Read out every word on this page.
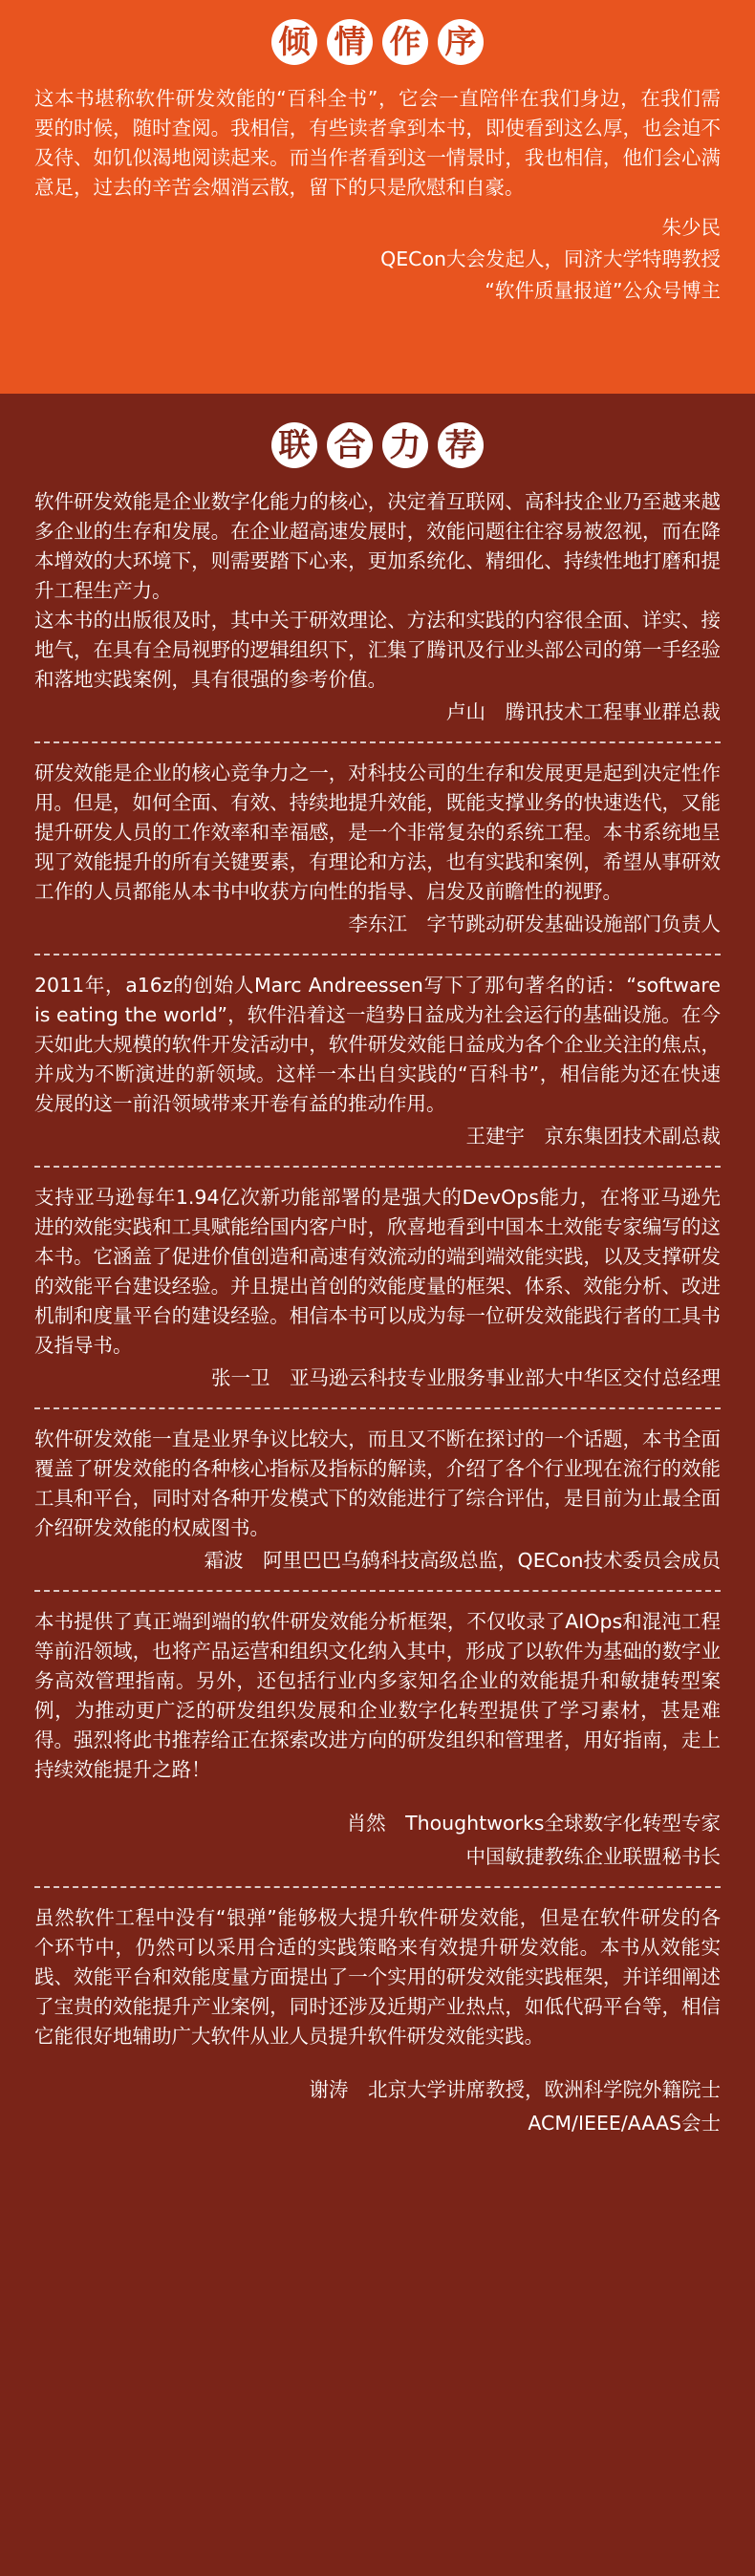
倾 情 作 序

这本书堪称软件研发效能的“百科全书”，它会一直陪伴在我们身边，在我们需要的时候，随时查阅。我相信，有些读者拿到本书，即使看到这么厚，也会迫不及待、如饥似渴地阅读起来。而当作者看到这一情景时，我也相信，他们会心满意足，过去的辛苦会烟消云散，留下的只是欣慰和自豪。

朱少民

QECon大会发起人，同济大学特聘教授

“软件质量报道”公众号博主

联 合 力 荐

软件研发效能是企业数字化能力的核心，决定着互联网、高科技企业乃至越来越多企业的生存和发展。在企业超高速发展时，效能问题往往容易被忽视，而在降本增效的大环境下，则需要踏下心来，更加系统化、精细化、持续性地打磨和提升工程生产力。

这本书的出版很及时，其中关于研效理论、方法和实践的内容很全面、详实、接地气，在具有全局视野的逻辑组织下，汇集了腾讯及行业头部公司的第一手经验和落地实践案例，具有很强的参考价值。

卢山　腾讯技术工程事业群总裁

研发效能是企业的核心竞争力之一，对科技公司的生存和发展更是起到决定性作用。但是，如何全面、有效、持续地提升效能，既能支撑业务的快速迭代，又能提升研发人员的工作效率和幸福感，是一个非常复杂的系统工程。本书系统地呈现了效能提升的所有关键要素，有理论和方法，也有实践和案例，希望从事研效工作的人员都能从本书中收获方向性的指导、启发及前瞻性的视野。

李东江　字节跳动研发基础设施部门负责人

2011年，a16z的创始人Marc Andreessen写下了那句著名的话：“software is eating the world”，软件沿着这一趋势日益成为社会运行的基础设施。在今天如此大规模的软件开发活动中，软件研发效能日益成为各个企业关注的焦点，并成为不断演进的新领域。这样一本出自实践的“百科书”，相信能为还在快速发展的这一前沿领域带来开卷有益的推动作用。

王建宇　京东集团技术副总裁

支持亚马逊每年1.94亿次新功能部署的是强大的DevOps能力，在将亚马逊先进的效能实践和工具赋能给国内客户时，欣喜地看到中国本土效能专家编写的这本书。它涵盖了促进价值创造和高速有效流动的端到端效能实践，以及支撑研发的效能平台建设经验。并且提出首创的效能度量的框架、体系、效能分析、改进机制和度量平台的建设经验。相信本书可以成为每一位研发效能践行者的工具书及指导书。

张一卫　亚马逊云科技专业服务事业部大中华区交付总经理

软件研发效能一直是业界争议比较大，而且又不断在探讨的一个话题，本书全面覆盖了研发效能的各种核心指标及指标的解读，介绍了各个行业现在流行的效能工具和平台，同时对各种开发模式下的效能进行了综合评估，是目前为止最全面介绍研发效能的权威图书。

霜波　阿里巴巴乌鸫科技高级总监，QECon技术委员会成员

本书提供了真正端到端的软件研发效能分析框架，不仅收录了AIOps和混沌工程等前沿领域，也将产品运营和组织文化纳入其中，形成了以软件为基础的数字业务高效管理指南。另外，还包括行业内多家知名企业的效能提升和敏捷转型案例，为推动更广泛的研发组织发展和企业数字化转型提供了学习素材，甚是难得。强烈将此书推荐给正在探索改进方向的研发组织和管理者，用好指南，走上持续效能提升之路！

肖然　Thoughtworks全球数字化转型专家

中国敏捷教练企业联盟秘书长

虽然软件工程中没有“银弹”能够极大提升软件研发效能，但是在软件研发的各个环节中，仍然可以采用合适的实践策略来有效提升研发效能。本书从效能实践、效能平台和效能度量方面提出了一个实用的研发效能实践框架，并详细阐述了宝贵的效能提升产业案例，同时还涉及近期产业热点，如低代码平台等，相信它能很好地辅助广大软件从业人员提升软件研发效能实践。

谢涛　北京大学讲席教授，欧洲科学院外籍院士

ACM/IEEE/AAAS会士
